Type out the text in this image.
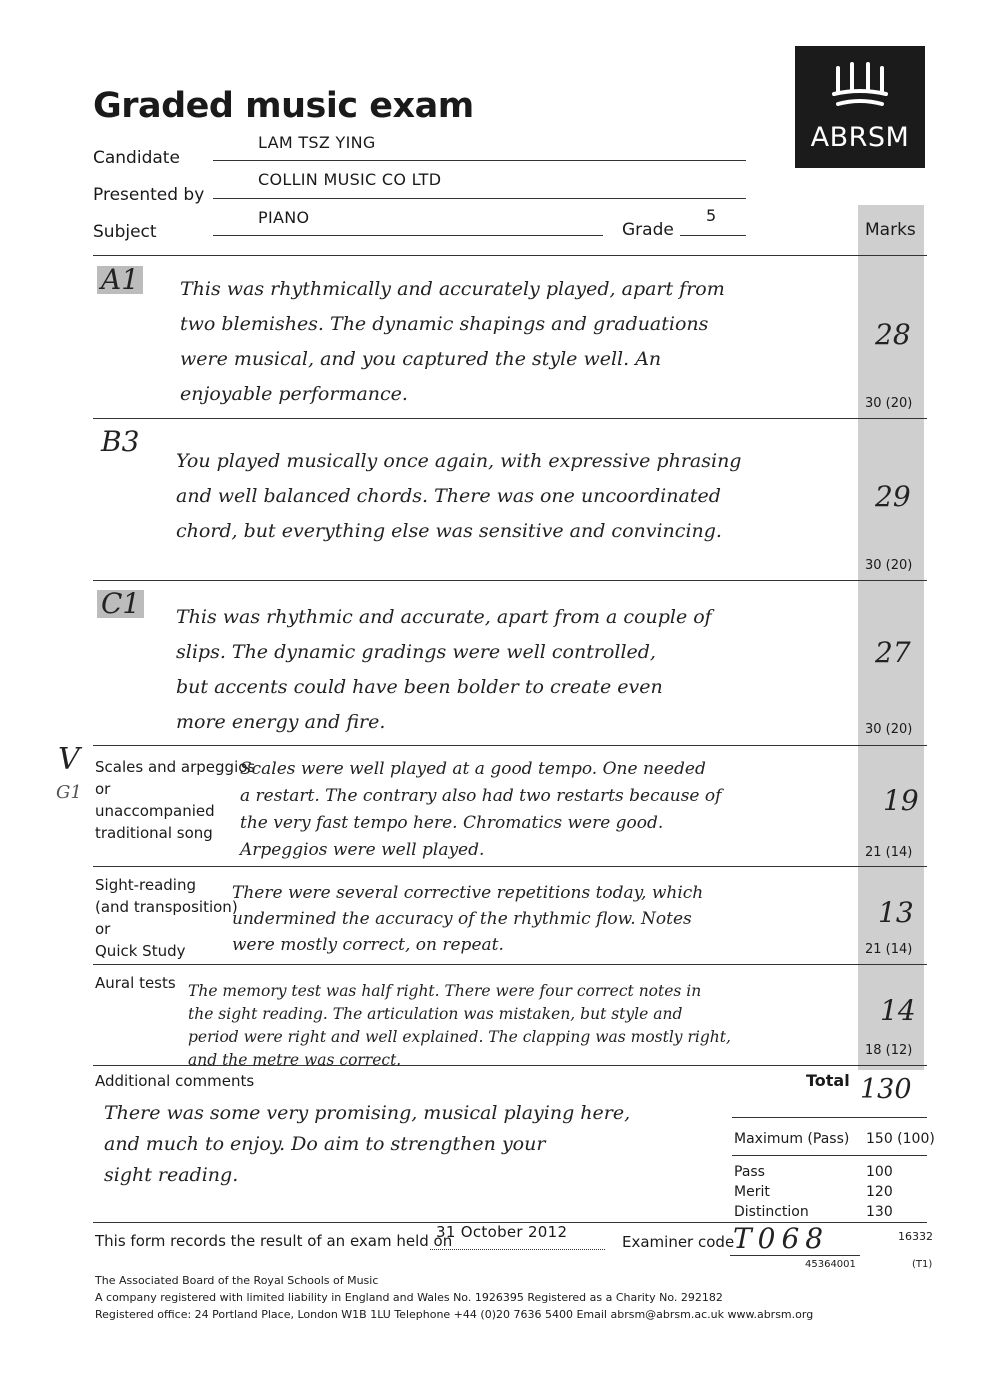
Graded music exam
ABRSM
Candidate
LAM TSZ YING
Presented by
COLLIN MUSIC CO LTD
Subject
PIANO
Grade
5
Marks
A1 This was rhythmically and accurately played, apart from
two blemishes. The dynamic shapings and graduations
were musical, and you captured the style well. An
enjoyable performance.
28
30 (20)
B3
You played musically once again, with expressive phrasing
and well balanced chords. There was one uncoordinated
chord, but everything else was sensitive and convincing.
29
30 (20)
C1 This was rhythmic and accurate, apart from a couple of
slips. The dynamic gradings were well controlled,
but accents could have been bolder to create even
more energy and fire.
27
30 (20)
V
G1
Scales and arpeggios
or
unaccompanied
traditional song
Scales were well played at a good tempo. One needed
a restart. The contrary also had two restarts because of
the very fast tempo here. Chromatics were good.
Arpeggios were well played.
19
21 (14)
Sight-reading
(and transposition)
or
Quick Study
There were several corrective repetitions today, which
undermined the accuracy of the rhythmic flow. Notes
were mostly correct, on repeat.
13
21 (14)
Aural tests The memory test was half right. There were four correct notes in
the sight reading. The articulation was mistaken, but style and
period were right and well explained. The clapping was mostly right,
and the metre was correct.
14
18 (12)
Additional comments
There was some very promising, musical playing here,
and much to enjoy. Do aim to strengthen your
sight reading.
Total 130
Maximum (Pass) 150 (100)
Pass
Merit
Distinction
100
120
130
This form records the result of an exam held on
31 October 2012
Examiner code
T068	16332
45364001	(T1)
The Associated Board of the Royal Schools of Music
A company registered with limited liability in England and Wales No. 1926395 Registered as a Charity No. 292182
Registered office: 24 Portland Place, London W1B 1LU Telephone +44 (0)20 7636 5400 Email abrsm@abrsm.ac.uk www.abrsm.org
